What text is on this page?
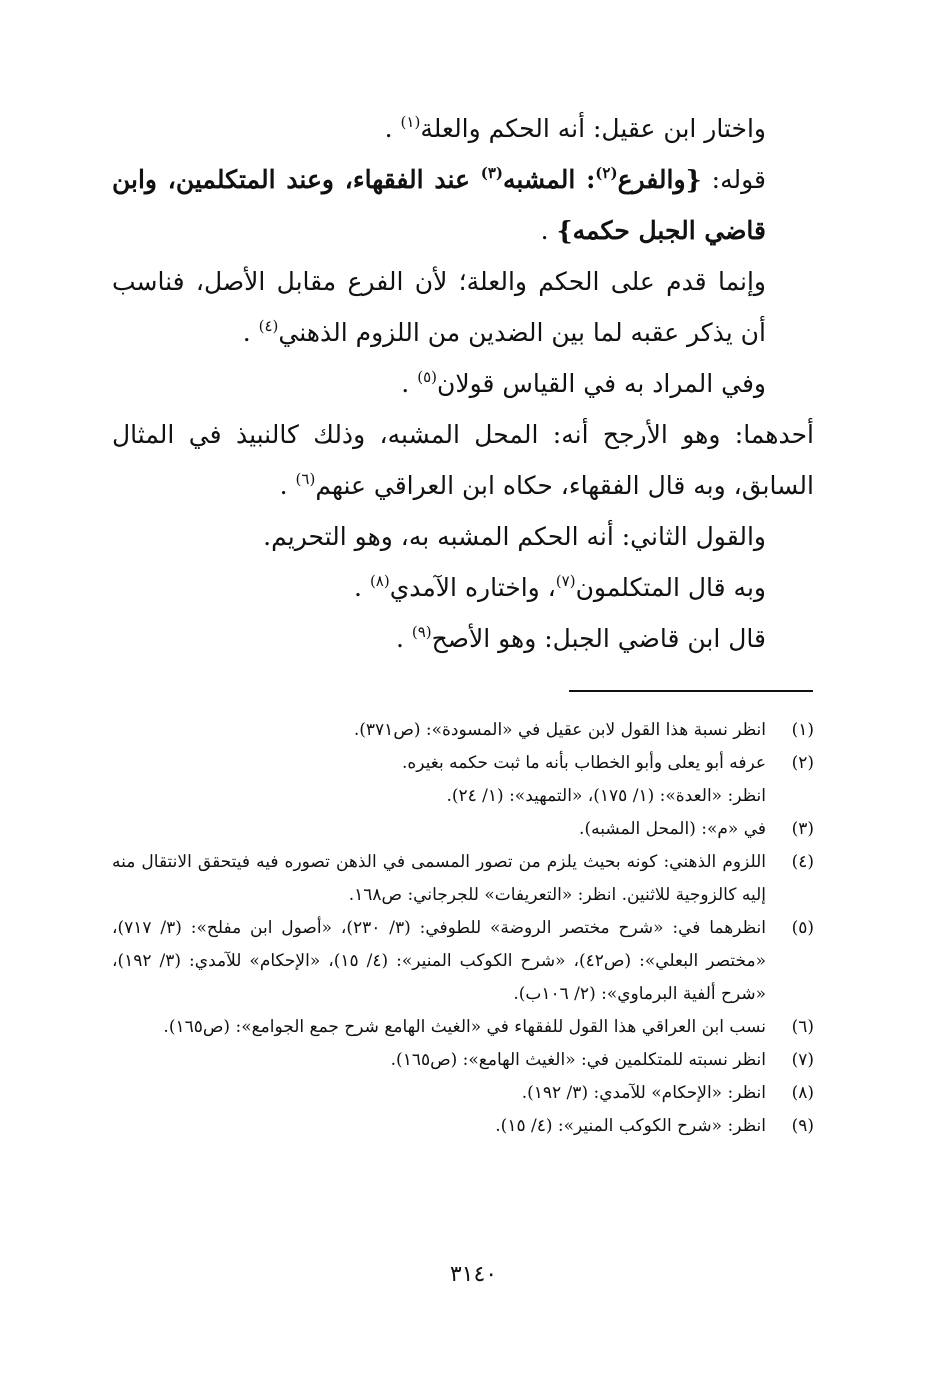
واختار ابن عقيل: أنه الحكم والعلة$^{(١)}$ .

قوله: {والفرع$^{(٢)}$: المشبه$^{(٣)}$ عند الفقهاء، وعند المتكلمين، وابن قاضي الجبل حكمه} .

وإنما قدم على الحكم والعلة؛ لأن الفرع مقابل الأصل، فناسب أن يذكر عقبه لما بين الضدين من اللزوم الذهني$^{(٤)}$ .

وفي المراد به في القياس قولان$^{(٥)}$ .

أحدهما: وهو الأرجح أنه: المحل المشبه، وذلك كالنبيذ في المثال السابق، وبه قال الفقهاء، حكاه ابن العراقي عنهم$^{(٦)}$ .

والقول الثاني: أنه الحكم المشبه به، وهو التحريم.

وبه قال المتكلمون$^{(٧)}$، واختاره الآمدي$^{(٨)}$ .

قال ابن قاضي الجبل: وهو الأصح$^{(٩)}$ .

(١)

انظر نسبة هذا القول لابن عقيل في «المسودة»: (ص٣٧١).

(٢)

عرفه أبو يعلى وأبو الخطاب بأنه ما ثبت حكمه بغيره.

انظر: «العدة»: (١/ ١٧٥)، «التمهيد»: (١/ ٢٤).

(٣)

في «م»: (المحل المشبه).

(٤)

اللزوم الذهني: كونه بحيث يلزم من تصور المسمى في الذهن تصوره فيه فيتحقق الانتقال منه إليه كالزوجية للاثنين. انظر: «التعريفات» للجرجاني: ص١٦٨.

(٥)

انظرهما في: «شرح مختصر الروضة» للطوفي: (٣/ ٢٣٠)، «أصول ابن مفلح»: (٣/ ٧١٧)، «مختصر البعلي»: (ص٤٢)، «شرح الكوكب المنير»: (٤/ ١٥)، «الإحكام» للآمدي: (٣/ ١٩٢)، «شرح ألفية البرماوي»: (٢/ ١٠٦ب).

(٦)

نسب ابن العراقي هذا القول للفقهاء في «الغيث الهامع شرح جمع الجوامع»: (ص١٦٥).

(٧)

انظر نسبته للمتكلمين في: «الغيث الهامع»: (ص١٦٥).

(٨)

انظر: «الإحكام» للآمدي: (٣/ ١٩٢).

(٩)

انظر: «شرح الكوكب المنير»: (٤/ ١٥).

٣١٤٠
